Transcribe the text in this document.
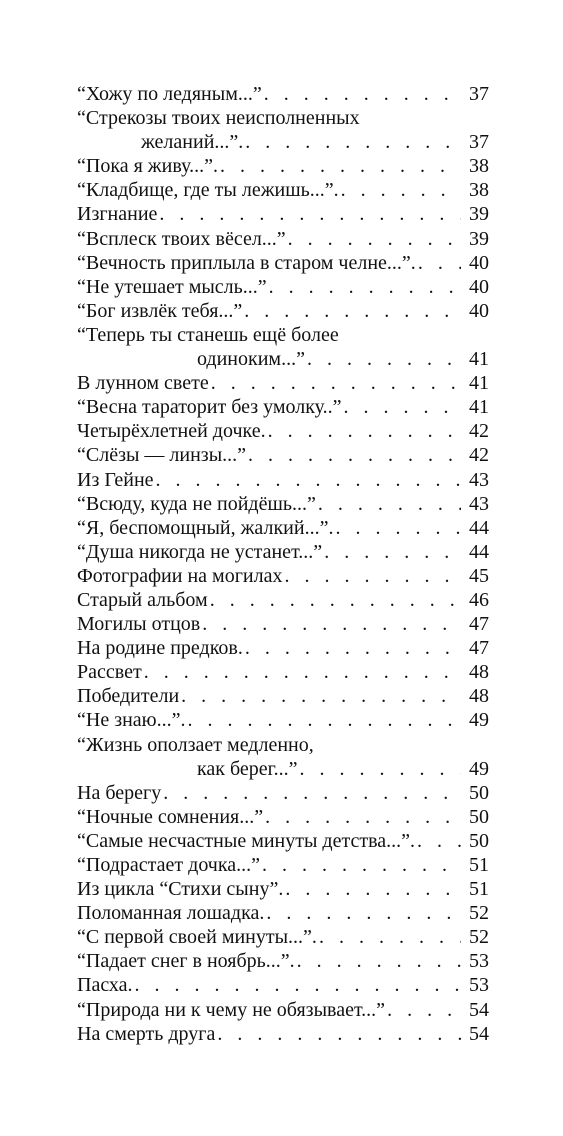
“Хожу по ледяным...” . . .	37
“Стрекозы твоих неисполненных
желаний...”. . . .	37
“Пока я живу...”. . . .	38
“Кладбище, где ты лежишь...”. . . .	38
Изгнание . . .	39
“Всплеск твоих вёсел...” . . .	39
“Вечность приплыла в старом челне...”. . . .	40
“Не утешает мысль...” . . .	40
“Бог извлёк тебя...” . . .	40
“Теперь ты станешь ещё более
одиноким...” . . .	41
В лунном свете . . .	41
“Весна тараторит без умолку..” . . .	41
Четырёхлетней дочке. . . .	42
“Слёзы — линзы...” . . .	42
Из Гейне . . .	43
“Всюду, куда не пойдёшь...” . . .	43
“Я, беспомощный, жалкий...”. . . .	44
“Душа никогда не устанет...” . . .	44
Фотографии на могилах . . .	45
Старый альбом . . .	46
Могилы отцов . . .	47
На родине предков. . . .	47
Рассвет . . .	48
Победители . . .	48
“Не знаю...”. . . .	49
“Жизнь оползает медленно,
как берег...” . . .	49
На берегу . . .	50
“Ночные сомнения...” . . .	50
“Самые несчастные минуты детства...”. . . .	50
“Подрастает дочка...” . . .	51
Из цикла “Стихи сыну”. . . .	51
Поломанная лошадка. . . .	52
“С первой своей минуты...”. . . .	52
“Падает снег в ноябрь...”. . . .	53
Пасха. . . .	53
“Природа ни к чему не обязывает...” . . .	54
На смерть друга . . .	54
